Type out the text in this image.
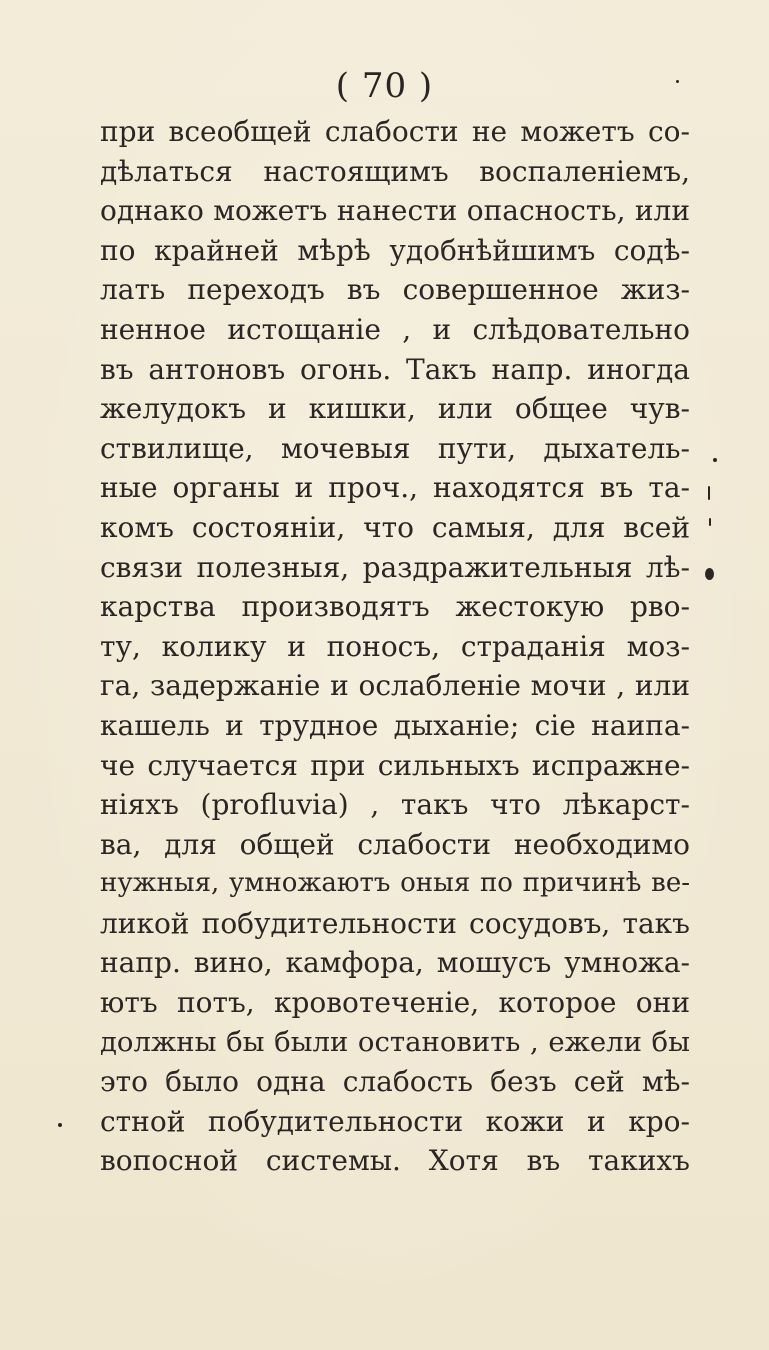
( 70 )
при всеобщей слабости не можетъ со-
дѣлаться настоящимъ воспаленіемъ,
однако можетъ нанести опасность, или
по крайней мѣрѣ удобнѣйшимъ содѣ-
лать переходъ въ совершенное жиз-
ненное истощаніе , и слѣдовательно
въ антоновъ огонь. Такъ напр. иногда
желудокъ и кишки, или общее чув-
ствилище, мочевыя пути, дыхатель-
ные органы и проч., находятся въ та-
комъ состояніи, что самыя, для всей
связи полезныя, раздражительныя лѣ-
карства производятъ жестокую рво-
ту, колику и поносъ, страданія моз-
га, задержаніе и ослабленіе мочи , или
кашель и трудное дыханіе; сіе наипа-
че случается при сильныхъ испражне-
ніяхъ (profluvia) , такъ что лѣкарст-
ва, для общей слабости необходимо
нужныя, умножаютъ оныя по причинѣ ве-
ликой побудительности сосудовъ, такъ
напр. вино, камфора, мошусъ умножа-
ютъ потъ, кровотеченіе, которое они
должны бы были остановить , ежели бы
это было одна слабость безъ сей мѣ-
стной побудительности кожи и кро-
вопосной системы. Хотя въ такихъ
